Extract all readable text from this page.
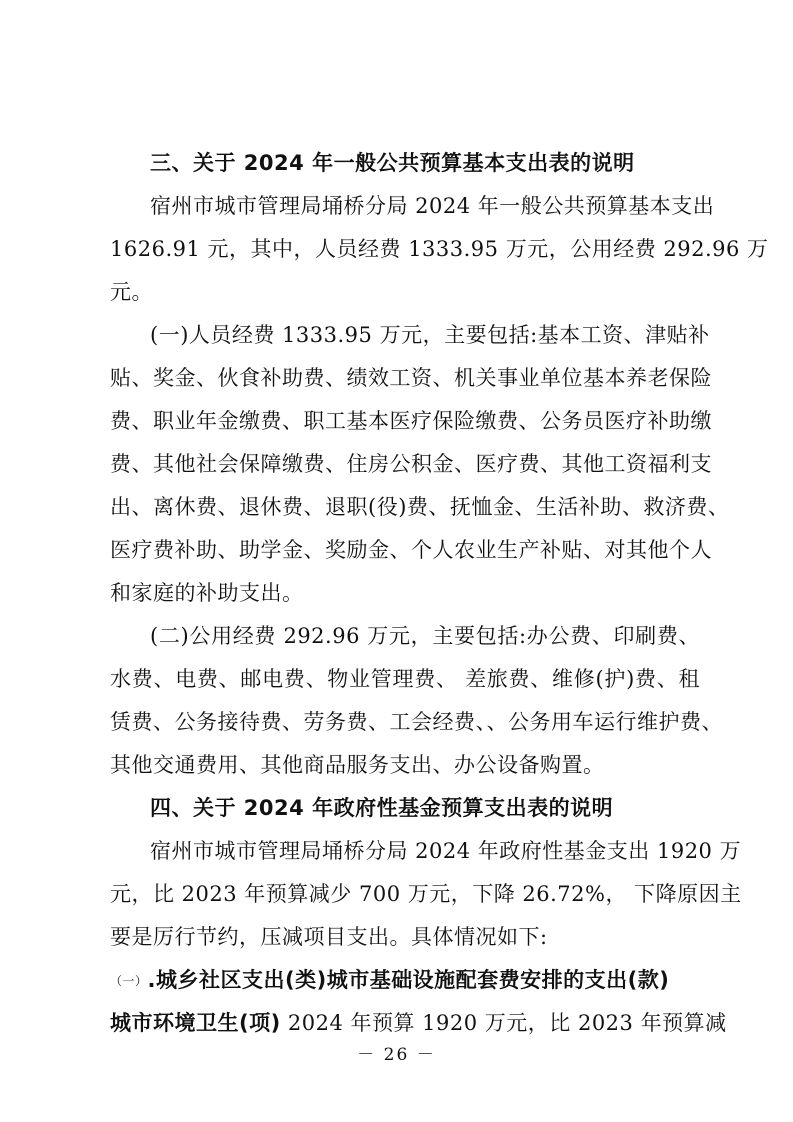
三、关于 2024 年一般公共预算基本支出表的说明
宿州市城市管理局埇桥分局 2024 年一般公共预算基本支出
1626.91 元，其中，人员经费 1333.95 万元，公用经费 292.96 万
元。
(一)人员经费 1333.95 万元，主要包括:基本工资、津贴补
贴、奖金、伙食补助费、绩效工资、机关事业单位基本养老保险
费、职业年金缴费、职工基本医疗保险缴费、公务员医疗补助缴
费、其他社会保障缴费、住房公积金、医疗费、其他工资福利支
出、离休费、退休费、退职(役)费、抚恤金、生活补助、救济费、
医疗费补助、助学金、奖励金、个人农业生产补贴、对其他个人
和家庭的补助支出。
(二)公用经费 292.96 万元，主要包括:办公费、印刷费、
水费、电费、邮电费、物业管理费、 差旅费、维修(护)费、租
赁费、公务接待费、劳务费、工会经费、、公务用车运行维护费、
其他交通费用、其他商品服务支出、办公设备购置。
四、关于 2024 年政府性基金预算支出表的说明
宿州市城市管理局埇桥分局 2024 年政府性基金支出 1920 万
元，比 2023 年预算减少 700 万元，下降 26.72%， 下降原因主
要是厉行节约，压减项目支出。具体情况如下:
（一）.城乡社区支出(类)城市基础设施配套费安排的支出(款)
城市环境卫生(项) 2024 年预算 1920 万元，比 2023 年预算减
－ 26 －
